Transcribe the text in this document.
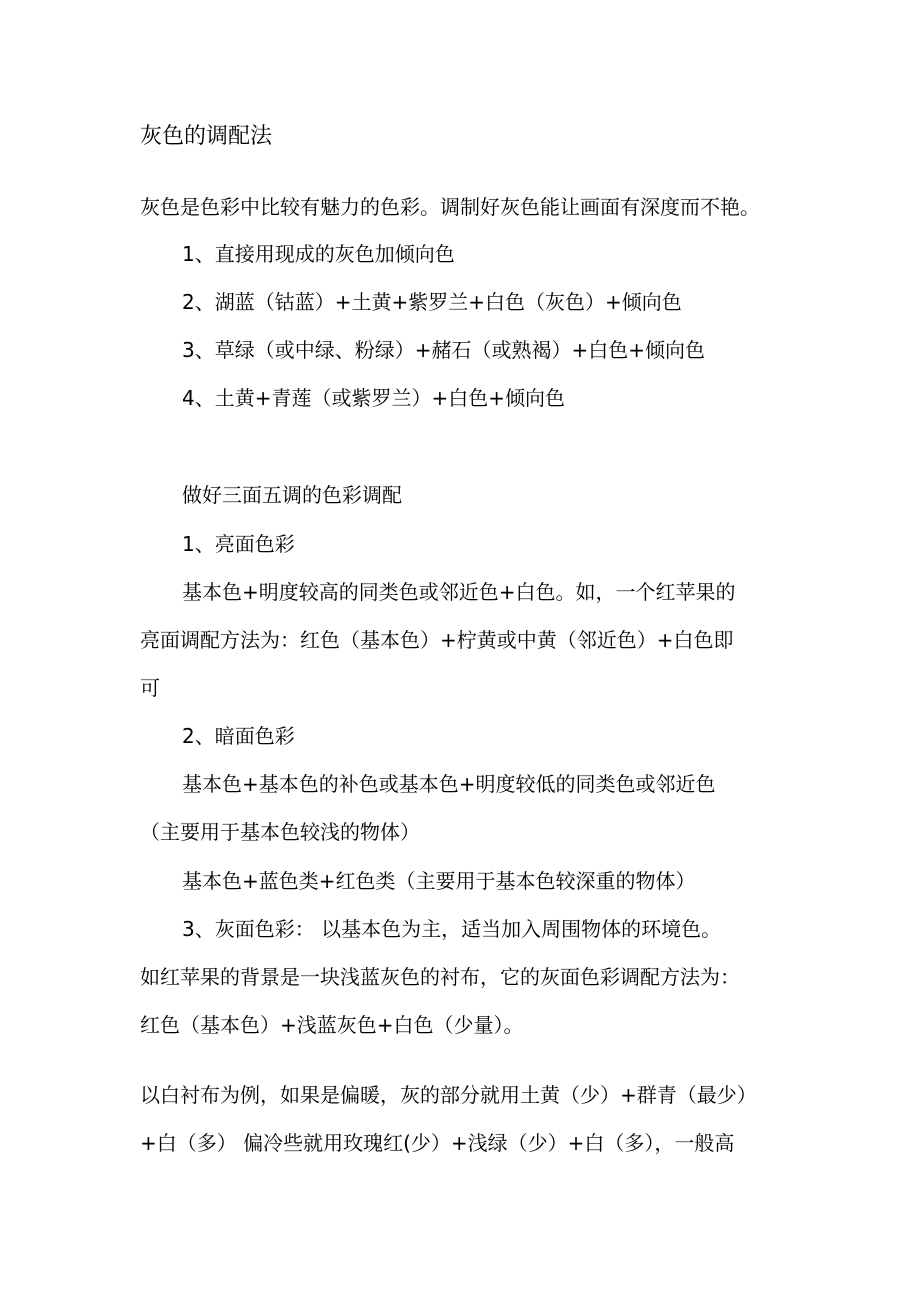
灰色的调配法
灰色是色彩中比较有魅力的色彩。调制好灰色能让画面有深度而不艳。
1、直接用现成的灰色加倾向色
2、湖蓝（钴蓝）+土黄+紫罗兰+白色（灰色）+倾向色
3、草绿（或中绿、粉绿）+赭石（或熟褐）+白色+倾向色
4、土黄+青莲（或紫罗兰）+白色+倾向色
做好三面五调的色彩调配
1、亮面色彩
基本色+明度较高的同类色或邻近色+白色。如，一个红苹果的
亮面调配方法为：红色（基本色）+柠黄或中黄（邻近色）+白色即
可
2、暗面色彩
基本色+基本色的补色或基本色+明度较低的同类色或邻近色
（主要用于基本色较浅的物体）
基本色+蓝色类+红色类（主要用于基本色较深重的物体）
3、灰面色彩： 以基本色为主，适当加入周围物体的环境色。
如红苹果的背景是一块浅蓝灰色的衬布，它的灰面色彩调配方法为：
红色（基本色）+浅蓝灰色+白色（少量）。
以白衬布为例，如果是偏暖，灰的部分就用土黄（少）+群青（最少）
+白（多） 偏冷些就用玫瑰红(少）+浅绿（少）+白（多），一般高
